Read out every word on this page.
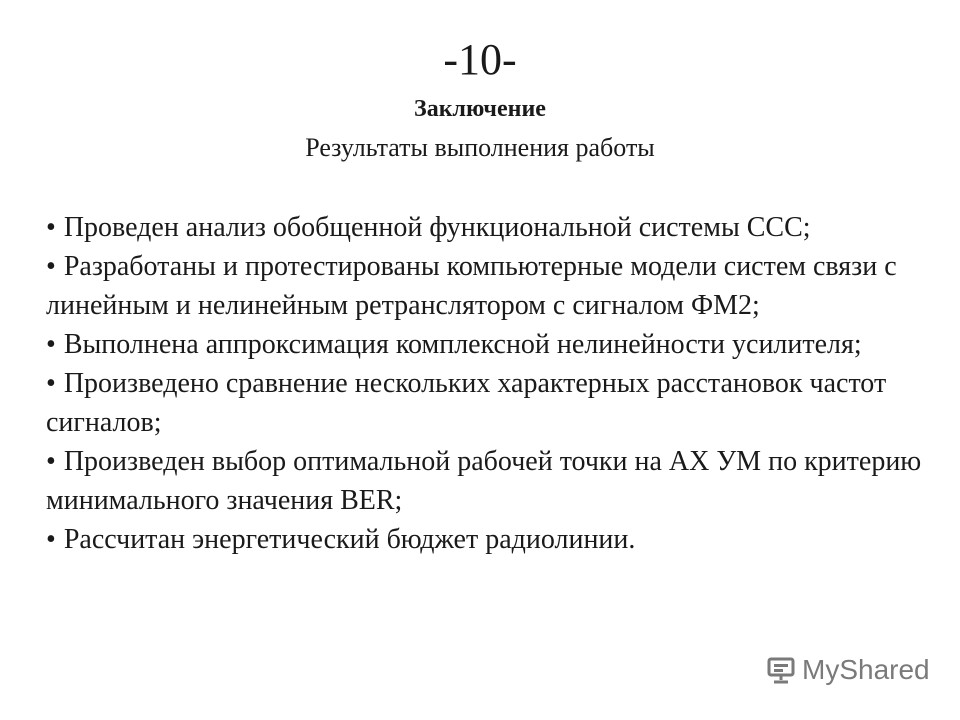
-10-
Заключение
Результаты выполнения работы
• Проведен анализ обобщенной функциональной системы ССС;
• Разработаны и протестированы компьютерные модели систем связи с линейным и нелинейным ретранслятором с сигналом ФМ2;
• Выполнена аппроксимация комплексной нелинейности усилителя;
• Произведено сравнение нескольких характерных расстановок частот сигналов;
• Произведен выбор оптимальной рабочей точки на АХ УМ по критерию минимального значения BER;
• Рассчитан энергетический бюджет радиолинии.
MyShared
